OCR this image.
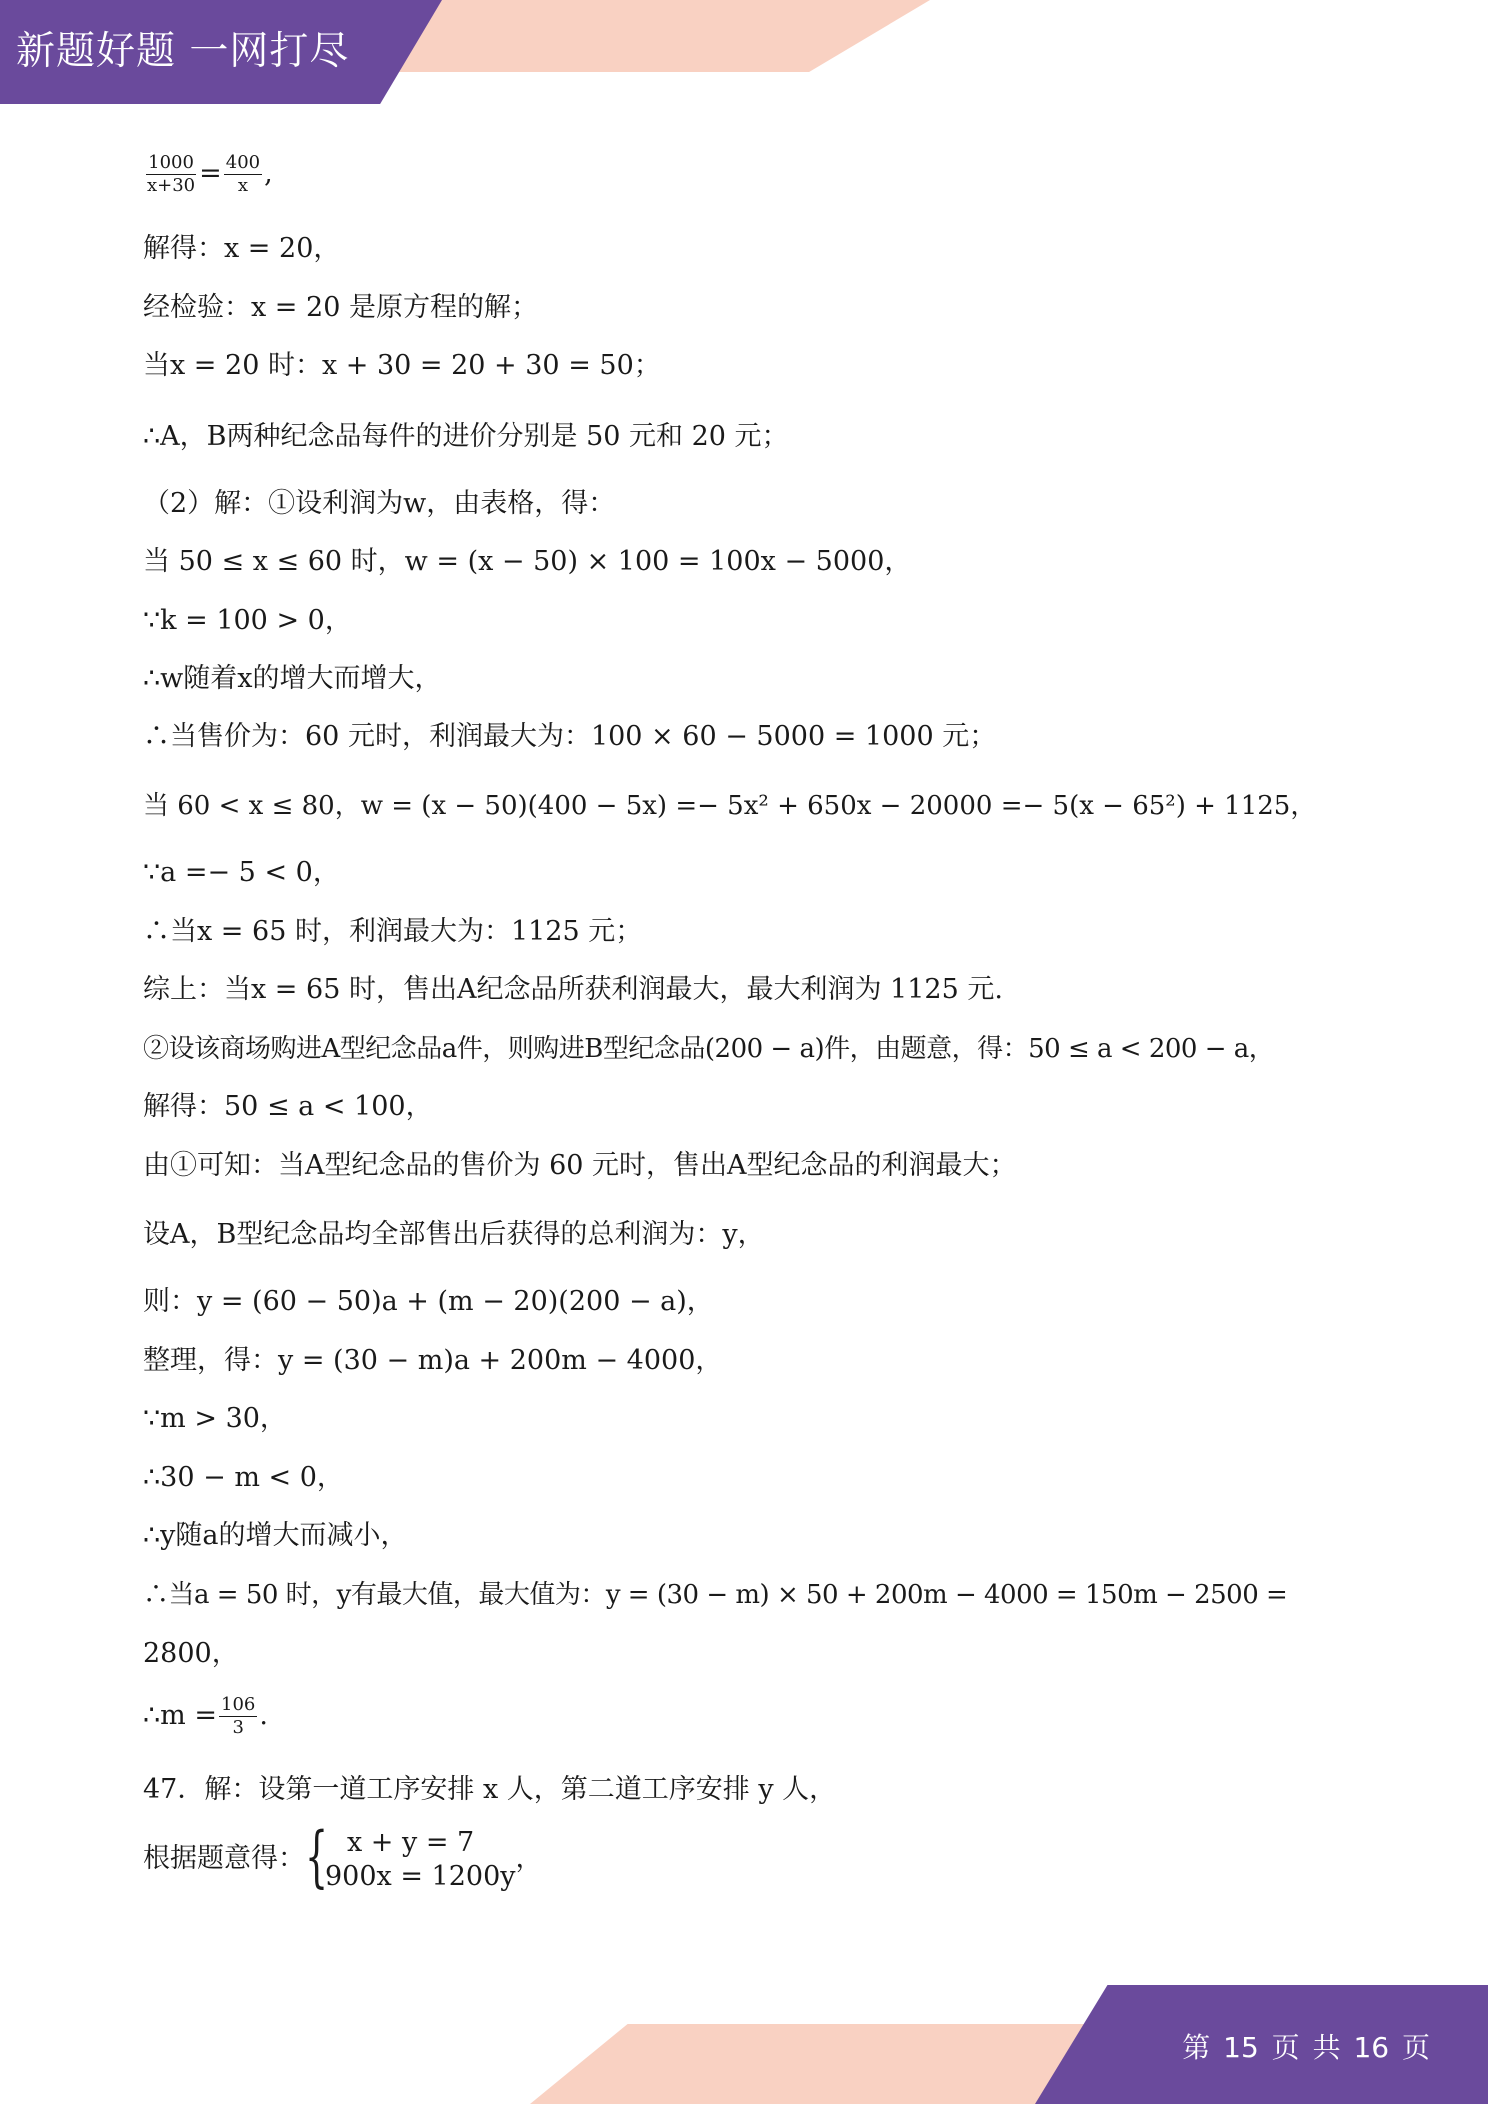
新题好题 一网打尽
$\frac{1000}{x+30} = \frac{400}{x}$ ,
解得：x = 20，
经检验：x = 20 是原方程的解；
当x = 20 时：x + 30 = 20 + 30 = 50；
∴A，B两种纪念品每件的进价分别是 50 元和 20 元；
（2）解：①设利润为w，由表格，得：
当 50 ≤ x ≤ 60 时，w = (x − 50) × 100 = 100x − 5000，
∵k = 100 > 0，
∴w随着x的增大而增大，
∴当售价为：60 元时，利润最大为：100 × 60 − 5000 = 1000 元；
当 60 < x ≤ 80，w = (x − 50)(400 − 5x) =− 5x² + 650x − 20000 =− 5(x − 65²) + 1125，
∵a =− 5 < 0，
∴当x = 65 时，利润最大为：1125 元；
综上：当x = 65 时，售出A纪念品所获利润最大，最大利润为 1125 元.
②设该商场购进A型纪念品a件，则购进B型纪念品(200 − a)件，由题意，得：50 ≤ a < 200 − a，
解得：50 ≤ a < 100，
由①可知：当A型纪念品的售价为 60 元时，售出A型纪念品的利润最大；
设A，B型纪念品均全部售出后获得的总利润为：y，
则：y = (60 − 50)a + (m − 20)(200 − a)，
整理，得：y = (30 − m)a + 200m − 4000，
∵m > 30，
∴30 − m < 0，
∴y随a的增大而减小，
∴当a = 50 时，y有最大值，最大值为：y = (30 − m) × 50 + 200m − 4000 = 150m − 2500 =
2800，
∴m = $\frac{106}{3}$ .
47．解：设第一道工序安排 x 人，第二道工序安排 y 人，
根据题意得： { x + y = 7
900x = 1200y
，
第 15 页 共 16 页
